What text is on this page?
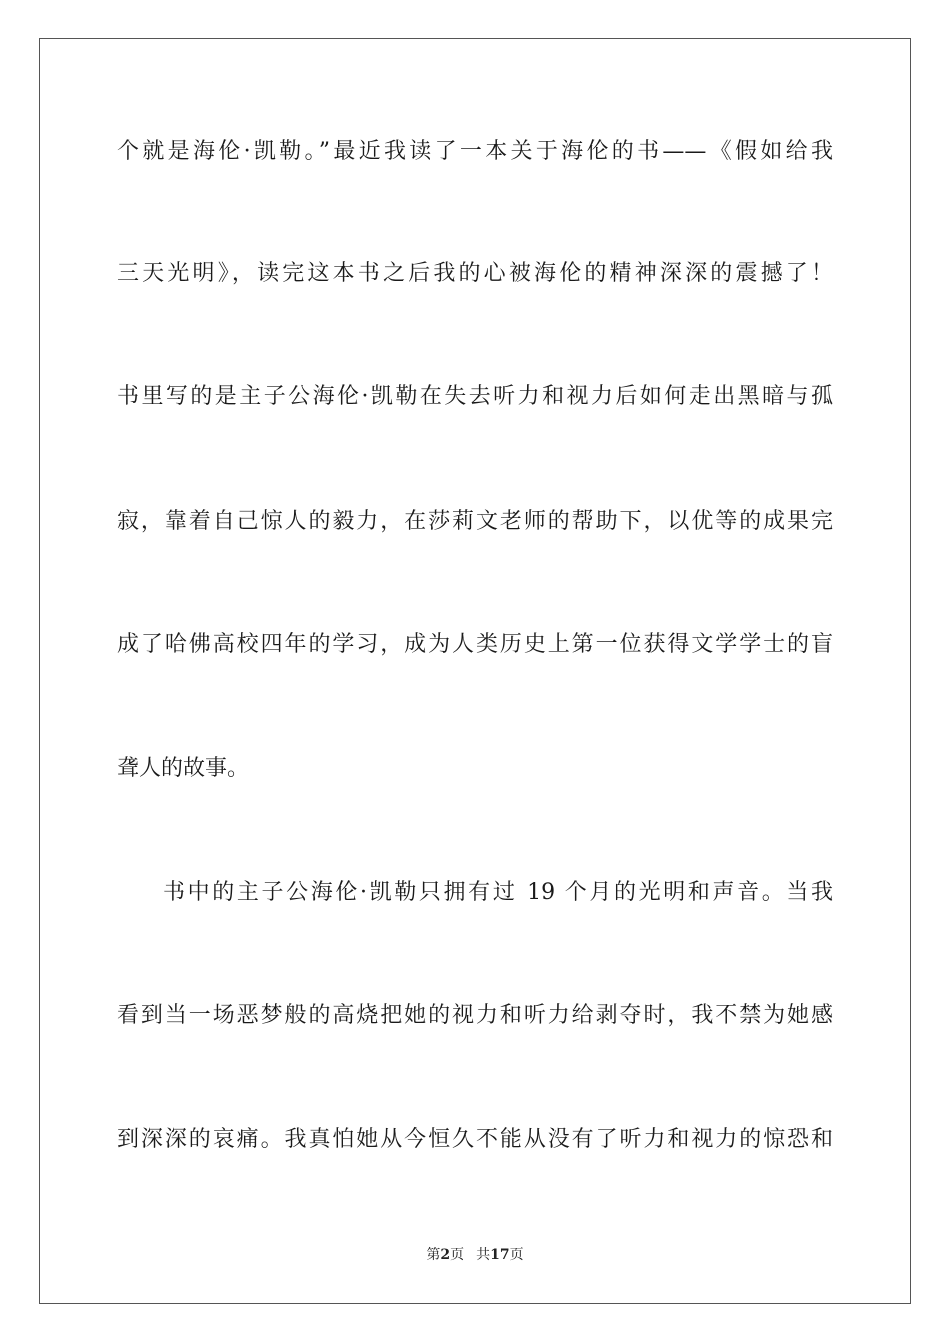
个就是海伦·凯勒。”最近我读了一本关于海伦的书——《假如给我
三天光明》，读完这本书之后我的心被海伦的精神深深的震撼了！
书里写的是主子公海伦·凯勒在失去听力和视力后如何走出黑暗与孤
寂，靠着自己惊人的毅力，在莎莉文老师的帮助下，以优等的成果完
成了哈佛高校四年的学习，成为人类历史上第一位获得文学学士的盲
聋人的故事。
书中的主子公海伦·凯勒只拥有过 19 个月的光明和声音。当我
看到当一场恶梦般的高烧把她的视力和听力给剥夺时，我不禁为她感
到深深的哀痛。我真怕她从今恒久不能从没有了听力和视力的惊恐和
第2页 共17页
